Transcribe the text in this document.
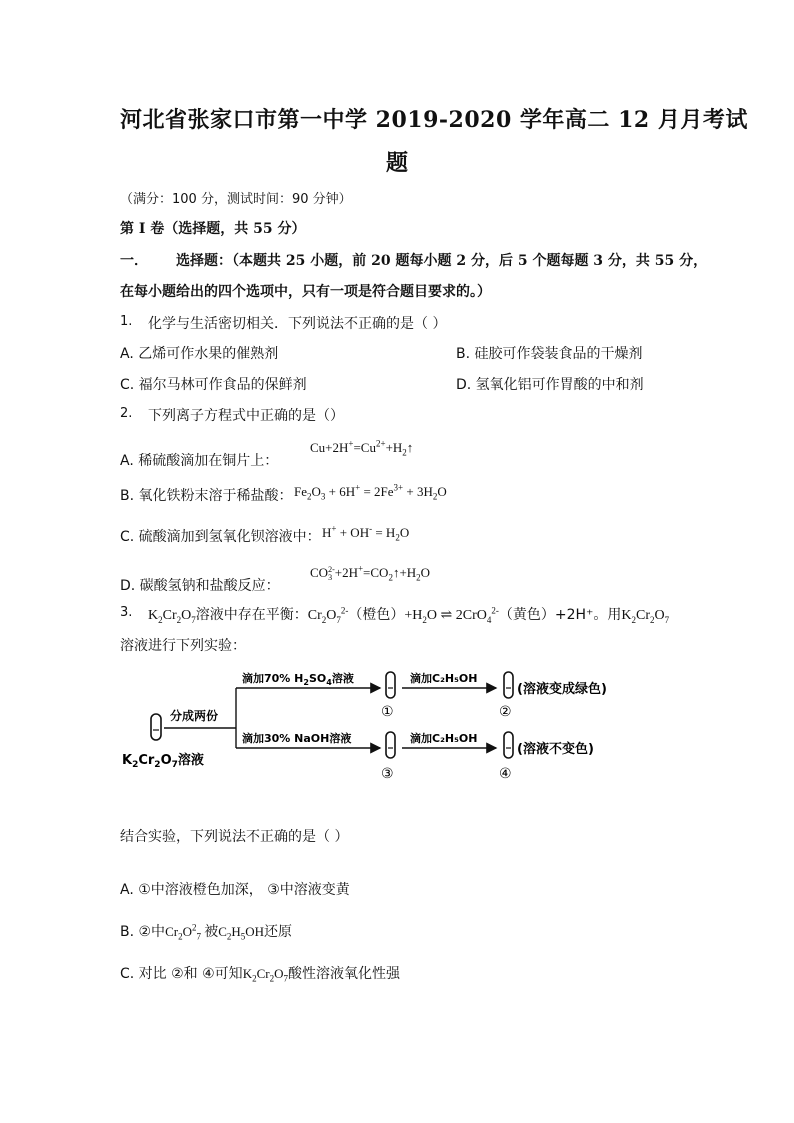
河北省张家口市第一中学 2019-2020 学年高二 12 月月考试
题
（满分：100 分，测试时间：90 分钟）
第 I 卷（选择题，共 55 分）
一． 选择题：（本题共 25 小题，前 20 题每小题 2 分，后 5 个题每题 3 分，共 55 分，
在每小题给出的四个选项中，只有一项是符合题目要求的。）
1. 化学与生活密切相关．下列说法不正确的是（ ）
A. 乙烯可作水果的催熟剂	B. 硅胶可作袋装食品的干燥剂
C. 福尔马林可作食品的保鲜剂	D. 氢氧化铝可作胃酸的中和剂
2. 下列离子方程式中正确的是（）
A. 稀硫酸滴加在铜片上：
$Cu+2H^+=Cu^{2+}+H_2↑$
B. 氧化铁粉末溶于稀盐酸： $Fe_2O_3 + 6H^+ = 2Fe^{3+} + 3H_2O$
C. 硫酸滴加到氢氧化钡溶液中： $H^+ + OH^- = H_2O$
D. 碳酸氢钠和盐酸反应：
CO 2-
$3 +2H^+=CO_2↑+H_2O$
3. $K_2Cr_2O_7$溶液中存在平衡：$Cr_2O_7^{2-}$（橙色）$+H_2O$ ⇌ 2CrO$_4^{2-}$（黄色）+2H⁺。用$K_2Cr_2O_7$
溶液进行下列实验：
$K_2Cr_2O_7$溶液
分成两份
滴加70% $H_2SO_4$溶液
①
滴加C₂H₅OH
②
(溶液变成绿色)
滴加30% NaOH溶液
③
滴加C₂H₅OH
④
(溶液不变色)
结合实验，下列说法不正确的是（ ）
A. ①中溶液橙色加深， ③中溶液变黄
B. ②中$Cr_2O^2_7$ 被$C_2H_5OH$还原
C. 对比 ②和 ④可知$K_2Cr_2O_7$酸性溶液氧化性强
